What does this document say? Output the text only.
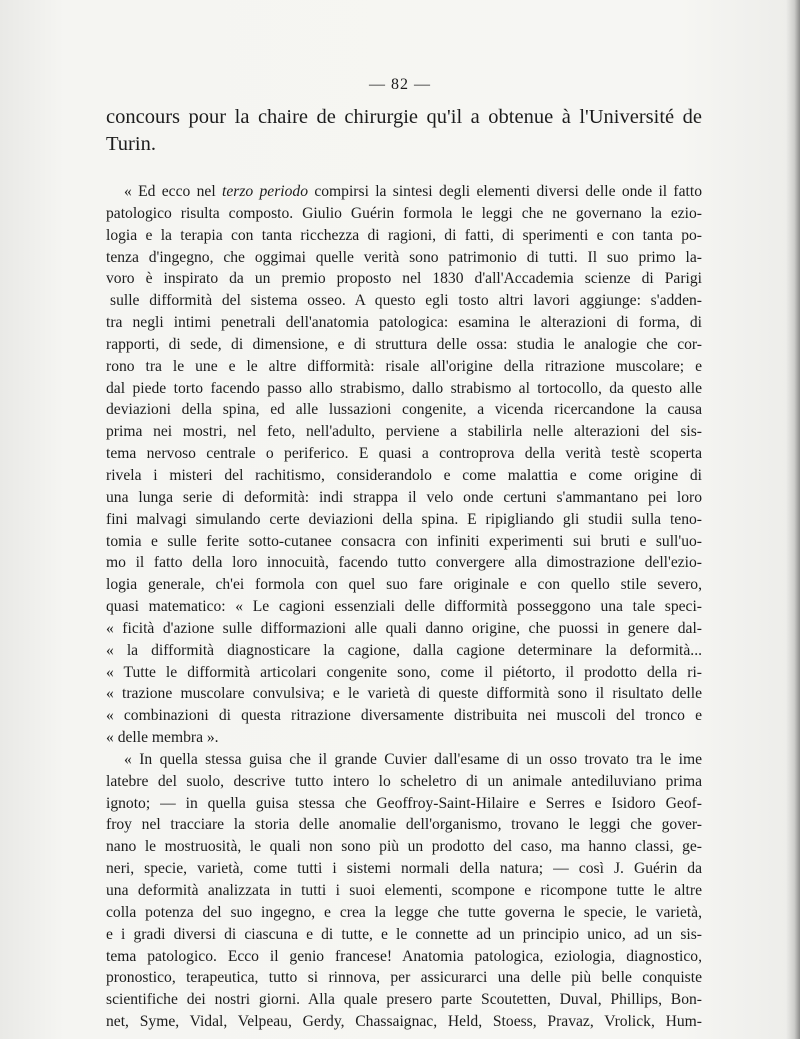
— 82 —
concours pour la chaire de chirurgie qu'il a obtenue à l'Université de
Turin.
« Ed ecco nel terzo periodo compirsi la sintesi degli elementi diversi delle onde il fatto
patologico risulta composto. Giulio Guérin formola le leggi che ne governano la ezio-
logia e la terapia con tanta ricchezza di ragioni, di fatti, di sperimenti e con tanta po-
tenza d'ingegno, che oggimai quelle verità sono patrimonio di tutti. Il suo primo la-
voro è inspirato da un premio proposto nel 1830 d'all'Accademia scienze di Parigi
sulle difformità del sistema osseo. A questo egli tosto altri lavori aggiunge: s'adden-
tra negli intimi penetrali dell'anatomia patologica: esamina le alterazioni di forma, di
rapporti, di sede, di dimensione, e di struttura delle ossa: studia le analogie che cor-
rono tra le une e le altre difformità: risale all'origine della ritrazione muscolare; e
dal piede torto facendo passo allo strabismo, dallo strabismo al tortocollo, da questo alle
deviazioni della spina, ed alle lussazioni congenite, a vicenda ricercandone la causa
prima nei mostri, nel feto, nell'adulto, perviene a stabilirla nelle alterazioni del sis-
tema nervoso centrale o periferico. E quasi a controprova della verità testè scoperta
rivela i misteri del rachitismo, considerandolo e come malattia e come origine di
una lunga serie di deformità: indi strappa il velo onde certuni s'ammantano pei loro
fini malvagi simulando certe deviazioni della spina. E ripigliando gli studii sulla teno-
tomia e sulle ferite sotto-cutanee consacra con infiniti experimenti sui bruti e sull'uo-
mo il fatto della loro innocuità, facendo tutto convergere alla dimostrazione dell'ezio-
logia generale, ch'ei formola con quel suo fare originale e con quello stile severo,
quasi matematico: « Le cagioni essenziali delle difformità posseggono una tale speci-
« ficità d'azione sulle difformazioni alle quali danno origine, che puossi in genere dal-
« la difformità diagnosticare la cagione, dalla cagione determinare la deformità...
« Tutte le difformità articolari congenite sono, come il piétorto, il prodotto della ri-
« trazione muscolare convulsiva; e le varietà di queste difformità sono il risultato delle
« combinazioni di questa ritrazione diversamente distribuita nei muscoli del tronco e
« delle membra ».
« In quella stessa guisa che il grande Cuvier dall'esame di un osso trovato tra le ime
latebre del suolo, descrive tutto intero lo scheletro di un animale antediluviano prima
ignoto; — in quella guisa stessa che Geoffroy-Saint-Hilaire e Serres e Isidoro Geof-
froy nel tracciare la storia delle anomalie dell'organismo, trovano le leggi che gover-
nano le mostruosità, le quali non sono più un prodotto del caso, ma hanno classi, ge-
neri, specie, varietà, come tutti i sistemi normali della natura; — così J. Guérin da
una deformità analizzata in tutti i suoi elementi, scompone e ricompone tutte le altre
colla potenza del suo ingegno, e crea la legge che tutte governa le specie, le varietà,
e i gradi diversi di ciascuna e di tutte, e le connette ad un principio unico, ad un sis-
tema patologico. Ecco il genio francese! Anatomia patologica, eziologia, diagnostico,
pronostico, terapeutica, tutto si rinnova, per assicurarci una delle più belle conquiste
scientifiche dei nostri giorni. Alla quale presero parte Scoutetten, Duval, Phillips, Bon-
net, Syme, Vidal, Velpeau, Gerdy, Chassaignac, Held, Stoess, Pravaz, Vrolick, Hum-
